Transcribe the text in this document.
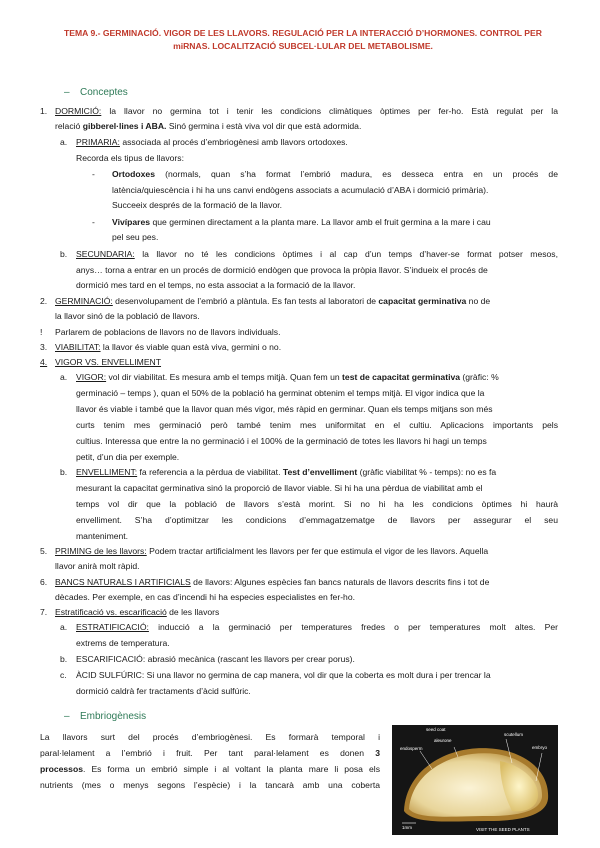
TEMA 9.- GERMINACIÓ. VIGOR DE LES LLAVORS. REGULACIÓ PER LA INTERACCIÓ D’HORMONES. CONTROL PER
miRNAS. LOCALITZACIÓ SUBCEL·LULAR DEL METABOLISME.
– Conceptes
1. DORMICIÓ: la llavor no germina tot i tenir les condicions climàtiques òptimes per fer-ho. Està regulat per la
relació gibberel·lines i ABA. Sinó germina i està viva vol dir que està adormida.
a. PRIMARIA: associada al procés d’embriogènesi amb llavors ortodoxes.
Recorda els tipus de llavors:
- Ortodoxes (normals, quan s’ha format l’embrió madura, es desseca entra en un procés de
latència/quiescència i hi ha uns canvi endògens associats a acumulació d’ABA i dormició primària).
Succeeix després de la formació de la llavor.
- Vivípares que germinen directament a la planta mare. La llavor amb el fruit germina a la mare i cau
pel seu pes.
b. SECUNDARIA: la llavor no té les condicions òptimes i al cap d’un temps d’haver-se format potser mesos,
anys… torna a entrar en un procés de dormició endògen que provoca la pròpia llavor. S’indueix el procés de
dormició mes tard en el temps, no esta associat a la formació de la llavor.
2. GERMINACIÓ: desenvolupament de l’embrió a plàntula. Es fan tests al laboratori de capacitat germinativa no de
la llavor sinó de la població de llavors.
! Parlarem de poblacions de llavors no de llavors individuals.
3. VIABILITAT: la llavor és viable quan està viva, germini o no.
4. VIGOR VS. ENVELLIMENT
a. VIGOR: vol dir viabilitat. Es mesura amb el temps mitjà. Quan fem un test de capacitat germinativa (gràfic: %
germinació – temps ), quan el 50% de la població ha germinat obtenim el temps mitjà. El vigor indica que la
llavor és viable i també que la llavor quan més vigor, més ràpid en germinar. Quan els temps mitjans son més
curts tenim mes germinació però també tenim mes uniformitat en el cultiu. Aplicacions importants pels
cultius. Interessa que entre la no germinació i el 100% de la germinació de totes les llavors hi hagi un temps
petit, d’un dia per exemple.
b. ENVELLIMENT: fa referencia a la pèrdua de viabilitat. Test d’envelliment (gràfic viabilitat % - temps): no es fa
mesurant la capacitat germinativa sinó la proporció de llavor viable. Si hi ha una pèrdua de viabilitat amb el
temps vol dir que la població de llavors s’està morint. Si no hi ha les condicions òptimes hi haurà
envelliment. S’ha d’optimitzar les condicions d’emmagatzematge de llavors per assegurar el seu
manteniment.
5. PRIMING de les llavors: Podem tractar artificialment les llavors per fer que estimula el vigor de les llavors. Aquella
llavor anirà molt ràpid.
6. BANCS NATURALS I ARTIFICIALS de llavors: Algunes espècies fan bancs naturals de llavors descrits fins i tot de
dècades. Per exemple, en cas d’incendi hi ha especies especialistes en fer-ho.
7. Estratificació vs. escarificació de les llavors
a. ESTRATIFICACIÓ: inducció a la germinació per temperatures fredes o per temperatures molt altes. Per
extrems de temperatura.
b. ESCARIFICACIÓ: abrasió mecànica (rascant les llavors per crear porus).
c. ÀCID SULFÚRIC: Si una llavor no germina de cap manera, vol dir que la coberta es molt dura i per trencar la
dormició caldrà fer tractaments d’àcid sulfúric.
– Embriogènesis
La llavors surt del procés d’embriogènesi. Es formarà temporal i
paral·lelament a l’embrió i fruit. Per tant paral·lelament es donen 3
processos. Es forma un embrió simple i al voltant la planta mare li posa els
nutrients (mes o menys segons l’espècie) i la tancarà amb una coberta
seed coat
aleurone
scutellum
endosperm	embryo
1mm	VISIT THE SEED PLANTS
